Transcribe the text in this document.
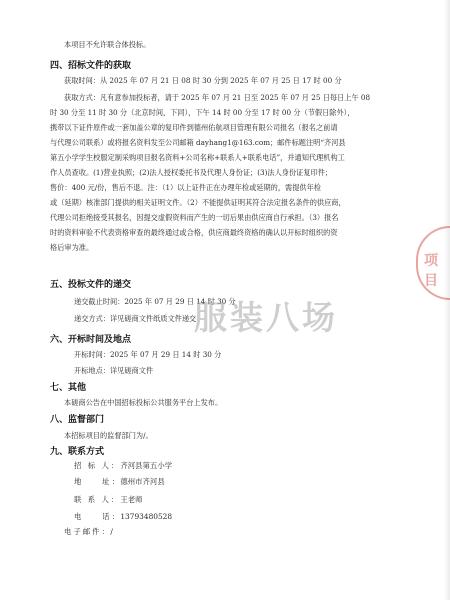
本项目不允许联合体投标。
四、招标文件的获取
获取时间：从 2025 年 07 月 21 日 08 时 30 分到 2025 年 07 月 25 日 17 时 00 分
获取方式：凡有意参加投标者，请于 2025 年 07 月 21 日至 2025 年 07 月 25 日每日上午 08
时 30 分至 11 时 30 分（北京时间，下同），下午 14 时 00 分至 17 时 00 分（节假日除外），
携带以下证件原件或一套加盖公章的复印件到德州佑航项目管理有限公司报名（报名之前请
与代理公司联系）或将报名资料发至公司邮箱 dayhang1@163.com；邮件标题注明“齐河县
第五小学学生校服定制采购项目报名资料+公司名称+联系人+联系电话”，并通知代理机构工
作人员查收。(1)营业执照；(2)法人授权委托书及代理人身份证；(3)法人身份证复印件；
售价：400 元/份，售后不退。注：（1）以上证件正在办理年检或延期的，需提供年检
或（延期）核准部门提供的相关证明文件。（2）不能提供证明其符合法定报名条件的供应商，
代理公司拒绝接受其报名，因提交虚假资料而产生的一切后果由供应商自行承担。（3）报名
时的资料审验不代表资格审查的最终通过或合格，供应商最终资格的确认以开标时组织的资
格后审为准。
五、投标文件的递交
递交截止时间：2025 年 07 月 29 日 14 时 30 分
递交方式：详见磋商文件纸质文件递交
六、开标时间及地点
开标时间：2025 年 07 月 29 日 14 时 30 分
开标地点：详见磋商文件
七、其他
本磋商公告在中国招标投标公共服务平台上发布。
八、监督部门
本招标项目的监督部门为/。
九、联系方式
招 标 人： 齐河县第五小学
地　　址： 德州市齐河县
联 系 人： 王老师
电　　话： 13793480528
电子邮件： /
服装八场
项目
